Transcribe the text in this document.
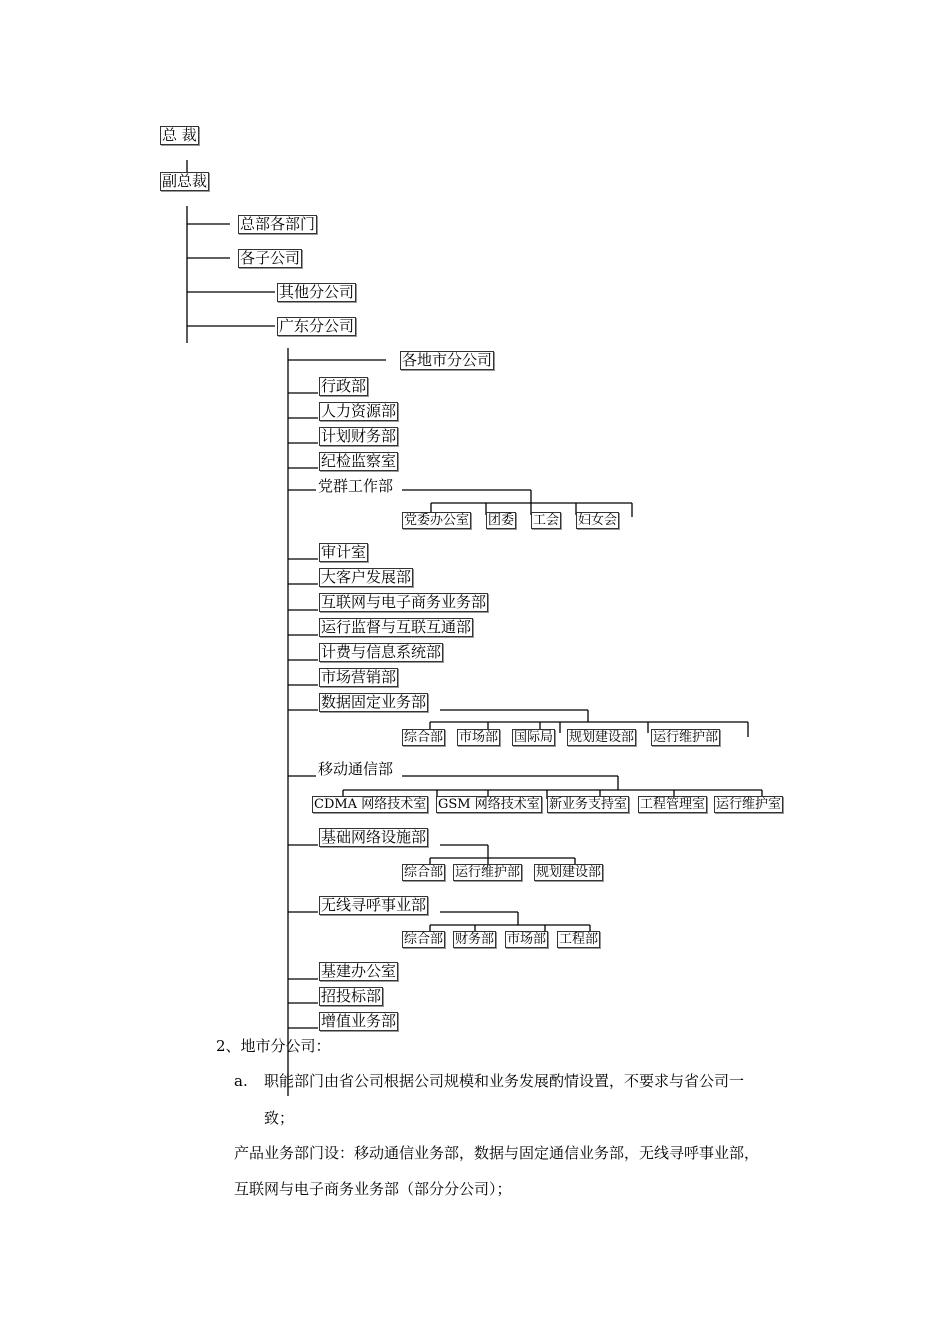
总 裁
副总裁
总部各部门
各子公司
其他分公司
广东分公司
各地市分公司
行政部
人力资源部
计划财务部
纪检监察室
党群工作部
审计室
大客户发展部
互联网与电子商务业务部
运行监督与互联互通部
计费与信息系统部
市场营销部
数据固定业务部
移动通信部
基础网络设施部
无线寻呼事业部
基建办公室
招投标部
增值业务部
党委办公室 团委 工会 妇女会
综合部 市场部 国际局 规划建设部 运行维护部
CDMA 网络技术室 GSM 网络技术室 新业务支持室 工程管理室 运行维护室
综合部 运行维护部 规划建设部
综合部 财务部 市场部 工程部
2、地市分公司：
a. 职能部门由省公司根据公司规模和业务发展酌情设置，不要求与省公司一
致；
产品业务部门设：移动通信业务部，数据与固定通信业务部，无线寻呼事业部，
互联网与电子商务业务部（部分分公司）；
